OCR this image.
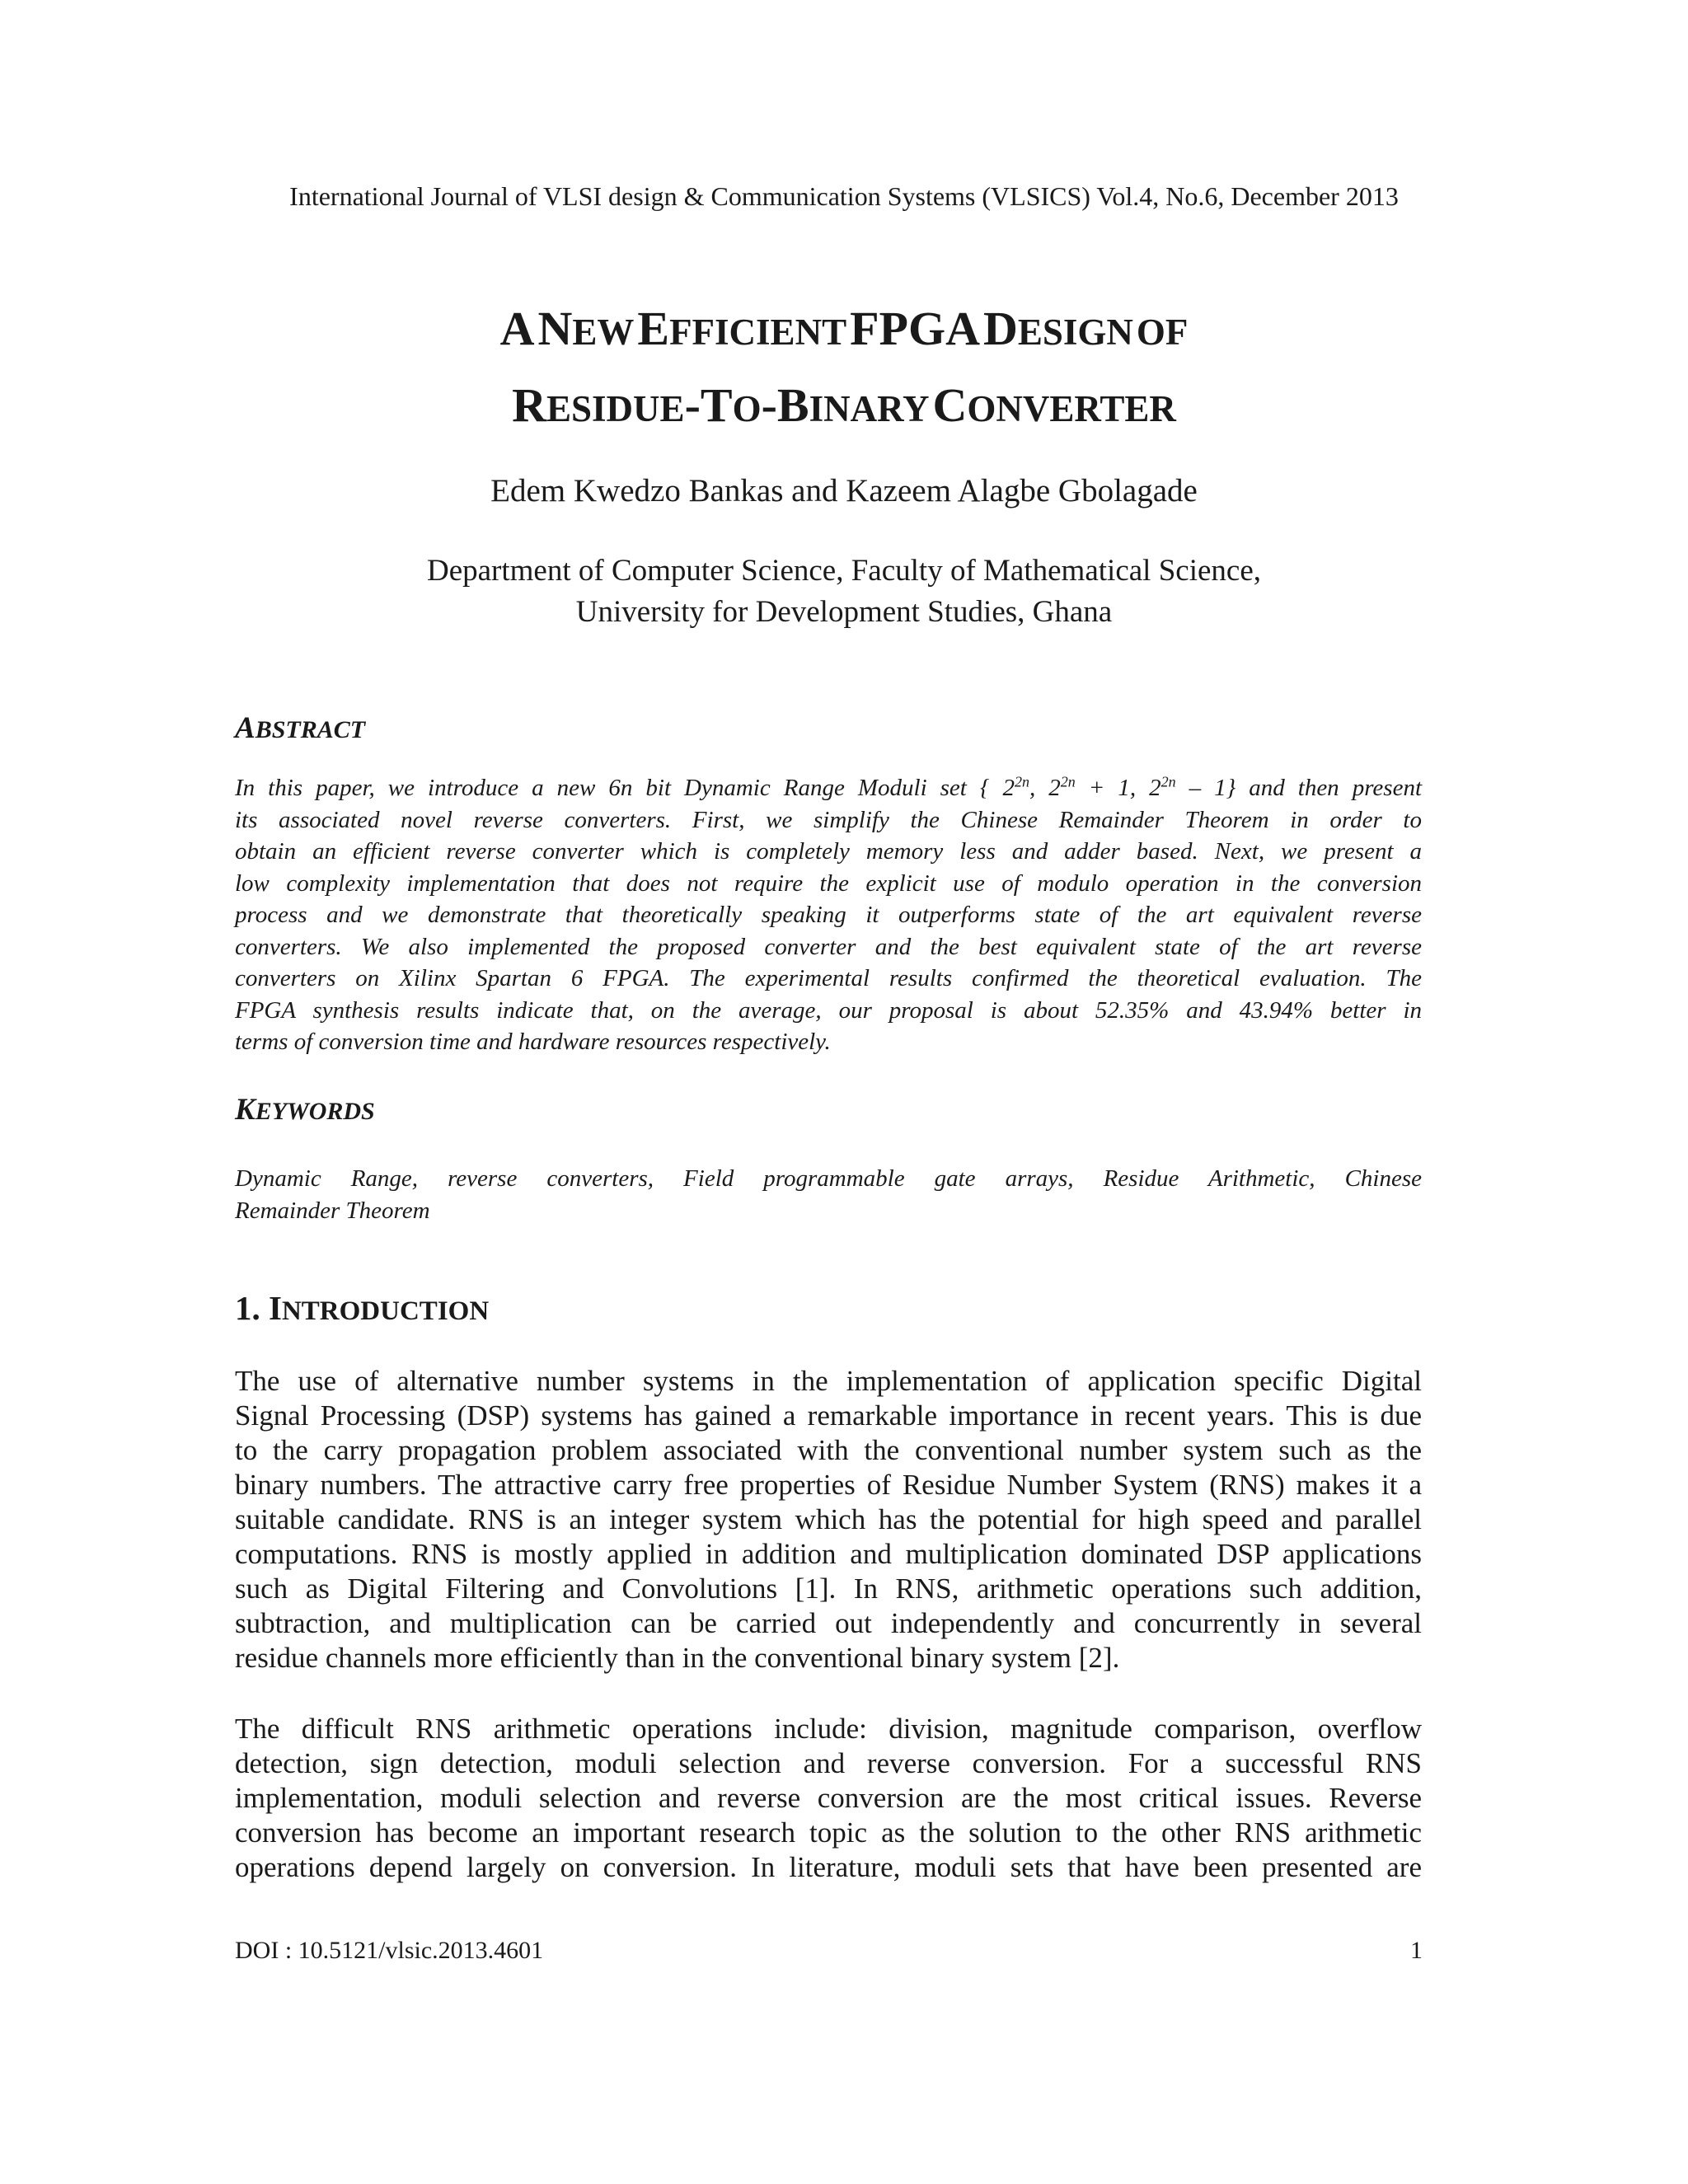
International Journal of VLSI design & Communication Systems (VLSICS) Vol.4, No.6, December 2013
A NEW EFFICIENT FPGA DESIGN OF
RESIDUE-TO-BINARY CONVERTER
Edem Kwedzo Bankas and Kazeem Alagbe Gbolagade
Department of Computer Science, Faculty of Mathematical Science,
University for Development Studies, Ghana
ABSTRACT
In this paper, we introduce a new 6n bit Dynamic Range Moduli set { $2^{2n}$, $2^{2n} + 1$, $2^{2n} - 1$} and then present
its associated novel reverse converters. First, we simplify the Chinese Remainder Theorem in order to
obtain an efficient reverse converter which is completely memory less and adder based. Next, we present a
low complexity implementation that does not require the explicit use of modulo operation in the conversion
process and we demonstrate that theoretically speaking it outperforms state of the art equivalent reverse
converters. We also implemented the proposed converter and the best equivalent state of the art reverse
converters on Xilinx Spartan 6 FPGA. The experimental results confirmed the theoretical evaluation. The
FPGA synthesis results indicate that, on the average, our proposal is about 52.35% and 43.94% better in
terms of conversion time and hardware resources respectively.
KEYWORDS
Dynamic Range, reverse converters, Field programmable gate arrays, Residue Arithmetic, Chinese
Remainder Theorem
1. INTRODUCTION
The use of alternative number systems in the implementation of application specific Digital
Signal Processing (DSP) systems has gained a remarkable importance in recent years. This is due
to the carry propagation problem associated with the conventional number system such as the
binary numbers. The attractive carry free properties of Residue Number System (RNS) makes it a
suitable candidate. RNS is an integer system which has the potential for high speed and parallel
computations. RNS is mostly applied in addition and multiplication dominated DSP applications
such as Digital Filtering and Convolutions [1]. In RNS, arithmetic operations such addition,
subtraction, and multiplication can be carried out independently and concurrently in several
residue channels more efficiently than in the conventional binary system [2].
The difficult RNS arithmetic operations include: division, magnitude comparison, overflow
detection, sign detection, moduli selection and reverse conversion. For a successful RNS
implementation, moduli selection and reverse conversion are the most critical issues. Reverse
conversion has become an important research topic as the solution to the other RNS arithmetic
operations depend largely on conversion. In literature, moduli sets that have been presented are
DOI : 10.5121/vlsic.2013.4601	1
